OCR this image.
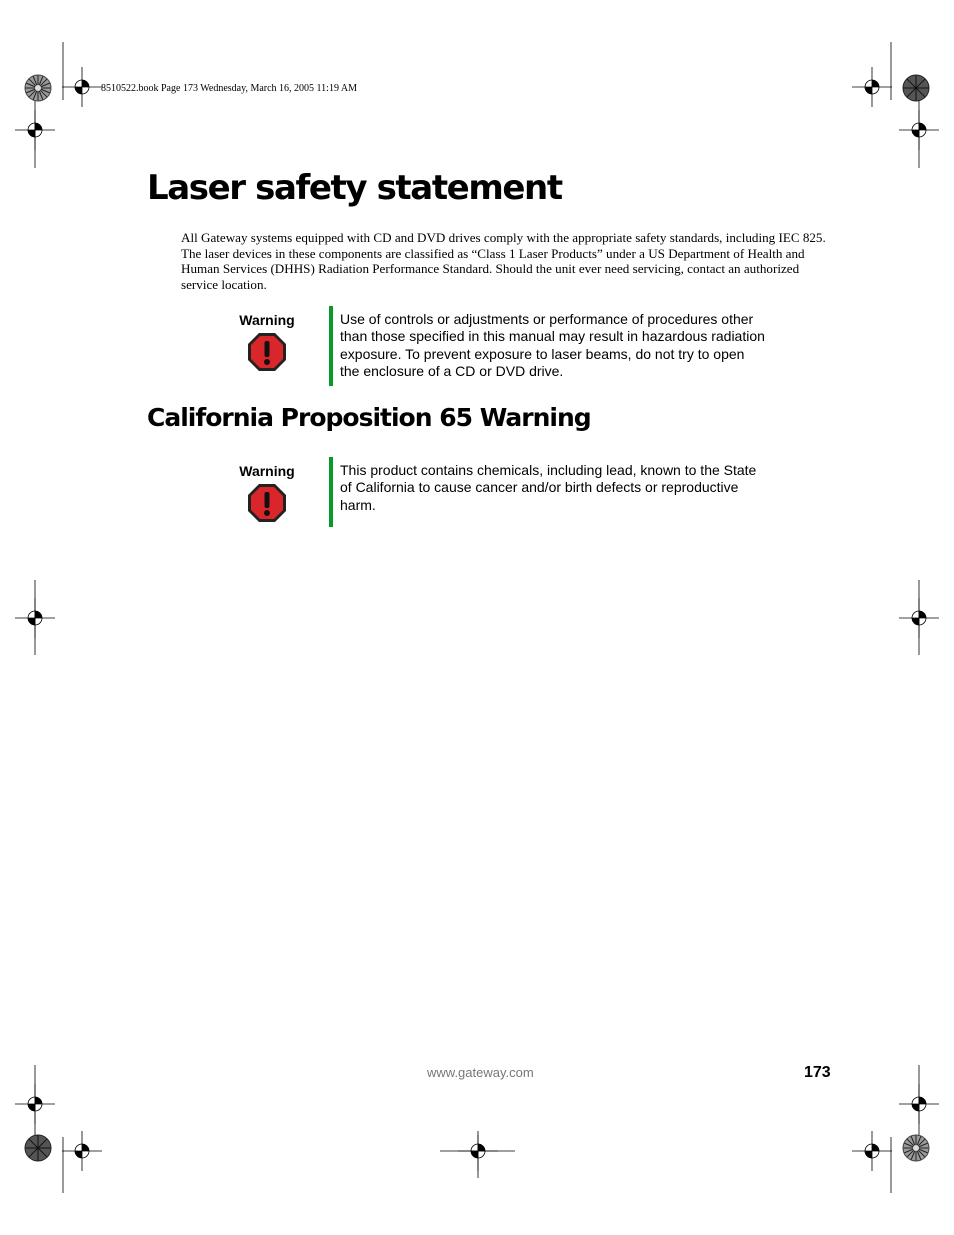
8510522.book Page 173 Wednesday, March 16, 2005 11:19 AM
Laser safety statement

All Gateway systems equipped with CD and DVD drives comply with the appropriate safety standards, including IEC 825. The laser devices in these components are classified as “Class 1 Laser Products” under a US Department of Health and Human Services (DHHS) Radiation Performance Standard. Should the unit ever need servicing, contact an authorized service location.

Warning	Use of controls or adjustments or performance of procedures other than those specified in this manual may result in hazardous radiation exposure. To prevent exposure to laser beams, do not try to open the enclosure of a CD or DVD drive.

California Proposition 65 Warning
Warning	This product contains chemicals, including lead, known to the State of California to cause cancer and/or birth defects or reproductive harm.

www.gateway.com	173
